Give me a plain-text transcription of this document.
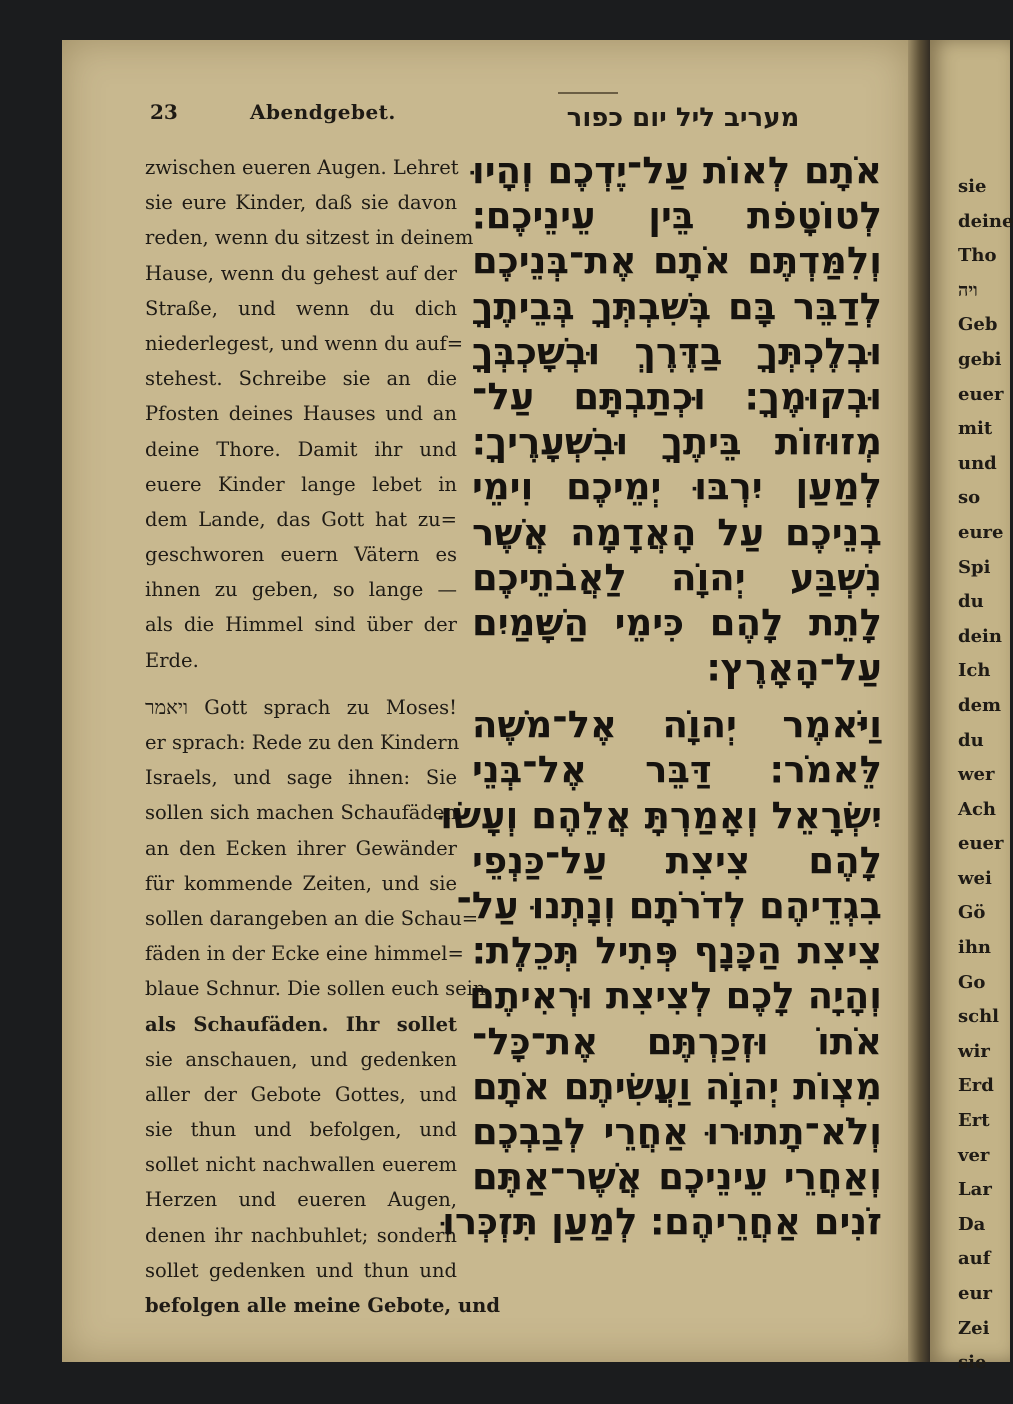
23	Abendgebet.	מעריב ליל יום כפור
zwischen eueren Augen. Lehret
sie eure Kinder, daß sie davon
reden, wenn du sitzest in deinem
Hause, wenn du gehest auf der
Straße, und wenn du dich
niederlegest, und wenn du auf=
stehest. Schreibe sie an die
Pfosten deines Hauses und an
deine Thore. Damit ihr und
euere Kinder lange lebet in
dem Lande, das Gott hat zu=
geschworen euern Vätern es
ihnen zu geben, so lange —
als die Himmel sind über der
Erde.
ויאמר Gott sprach zu Moses!
er sprach: Rede zu den Kindern
Israels, und sage ihnen: Sie
sollen sich machen Schaufäden
an den Ecken ihrer Gewänder
für kommende Zeiten, und sie
sollen darangeben an die Schau=
fäden in der Ecke eine himmel=
blaue Schnur. Die sollen euch sein
als Schaufäden. Ihr sollet
sie anschauen, und gedenken
aller der Gebote Gottes, und
sie thun und befolgen, und
sollet nicht nachwallen euerem
Herzen und eueren Augen,
denen ihr nachbuhlet; sondern
sollet gedenken und thun und
befolgen alle meine Gebote, und
אֹתָם לְאוֹת עַל־יֶדְכֶם וְהָיוּ
לְטוֹטָפֹת בֵּין עֵינֵיכֶם׃
וְלִמַּדְתֶּם אֹתָם אֶת־בְּנֵיכֶם
לְדַבֵּר בָּם בְּשִׁבְתְּךָ בְּבֵיתֶךָ
וּבְלֶכְתְּךָ בַדֶּרֶךְ וּבְשָׁכְבְּךָ
וּבְקוּמֶךָ׃ וּכְתַבְתָּם עַל־
מְזוּזוֹת בֵּיתֶךָ וּבִשְׁעָרֶיךָ׃
לְמַעַן יִרְבּוּ יְמֵיכֶם וִימֵי
בְנֵיכֶם עַל הָאֲדָמָה אֲשֶׁר
נִשְׁבַּע יְהוָֹה לַאֲבֹתֵיכֶם
לָתֵת לָהֶם כִּימֵי הַשָּׁמַיִם
עַל־הָאָרֶץ׃
וַיֹּאמֶר יְהוָֹה אֶל־מֹשֶׁה
לֵּאמֹר׃ דַּבֵּר אֶל־בְּנֵי
יִשְׂרָאֵל וְאָמַרְתָּ אֲלֵהֶם וְעָשׂוּ
לָהֶם צִיצִת עַל־כַּנְפֵי
בִגְדֵיהֶם לְדֹרֹתָם וְנָתְנוּ עַל־
צִיצִת הַכָּנָף פְּתִיל תְּכֵלֶת׃
וְהָיָה לָכֶם לְצִיצִת וּרְאִיתֶם
אֹתוֹ וּזְכַרְתֶּם אֶת־כָּל־
מִצְוֹת יְהוָֹה וַעֲשִׂיתֶם אֹתָם
וְלֹא־תָתוּרוּ אַחֲרֵי לְבַבְכֶם
וְאַחֲרֵי עֵינֵיכֶם אֲשֶׁר־אַתֶּם
זֹנִים אַחֲרֵיהֶם׃ לְמַעַן תִּזְכְּרוּ
sie
deine
Tho
ויה
Geb
gebi
euer
mit
und
so
eure
Spi
du
dein
Ich
dem
du
wer
Ach
euer
wei
Gö
ihn
Go
schl
wir
Erd
Ert
ver
Lar
Da
auf
eur
Zei
sie
